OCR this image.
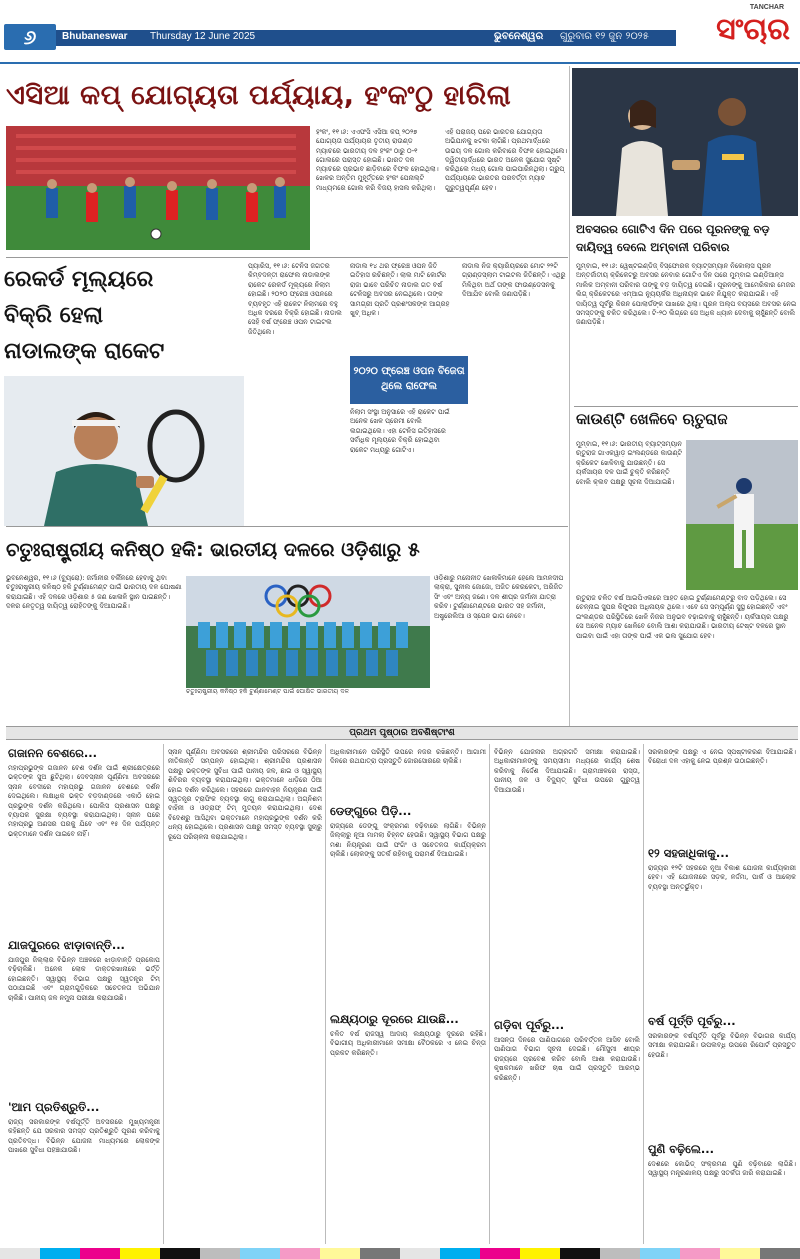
୬	Bhubaneswar Thursday 12 June 2025	ଭୁବନେଶ୍ୱର ଗୁରୁବାର ୧୨ ଜୁନ ୨୦୨୫
TANCHAR
ସଂଚାର
ଏସିଆ କପ୍ ଯୋଗ୍ୟତା ପର୍ଯ୍ୟାୟ, ହଂକଂଠୁ ହାରିଲା
ହଂକଂ, ୧୧।୬: ଏଏଫସି ଏସିଆ କପ୍ ୨୦୨୭ ଯୋଗ୍ୟତା ପର୍ଯ୍ୟାୟର ତୃତୀୟ ରାଉଣ୍ଡ ମ୍ୟାଚରେ ଭାରତୀୟ ଦଳ ହଂକଂ ଠାରୁ ୦-୧ ଗୋଲରେ ପରାସ୍ତ ହୋଇଛି। ଭାରତ ଦଳ ମ୍ୟାଚରେ ପ୍ରଭାବ ଛାଡ଼ିବାରେ ବିଫଳ ହୋଇଥିଲା। ଖେଳର ଅନ୍ତିମ ମୁହୂର୍ତ୍ତରେ ହଂକଂ ପେନାଲ୍ଟି ମାଧ୍ୟମରେ ଗୋଲ କରି ବିଜୟ ହାସଲ କରିଥିଲା। ଏହି ପରାଜୟ ପରେ ଭାରତର ଯୋଗ୍ୟତା ଅଭିଯାନକୁ ଝଟକା ଲାଗିଛି। ପ୍ରଥମାର୍ଦ୍ଧରେ ଉଭୟ ଦଳ ଗୋଲ କରିବାରେ ବିଫଳ ହୋଇଥିଲେ। ଦ୍ୱିତୀୟାର୍ଦ୍ଧରେ ଭାରତ ଅନେକ ସୁଯୋଗ ସୃଷ୍ଟି କରିଥିଲେ ମଧ୍ୟ ଗୋଲ ପାଇପାରିନଥିଲା। ଗ୍ରୁପ୍ ପର୍ଯ୍ୟାୟରେ ଭାରତର ପରବର୍ତ୍ତୀ ମ୍ୟାଚ ଗୁରୁତ୍ୱପୂର୍ଣ୍ଣ ହେବ।
ଅବସରର ଗୋଟିଏ ଦିନ ପରେ ପୂରନଙ୍କୁ ବଡ଼ ଦାୟିତ୍ୱ ଦେଲେ ଅମ୍ବାନୀ ପରିବାର
ମୁମ୍ବାଇ, ୧୧।୬: ୱେଷ୍ଟଇଣ୍ଡିଜ୍ ବିସ୍ଫୋରକ ବ୍ୟାଟ୍ସମ୍ୟାନ ନିକୋଲାସ ପୂରନ ଅନ୍ତର୍ଜାତୀୟ କ୍ରିକେଟରୁ ଅବସର ନେବାର ଗୋଟିଏ ଦିନ ପରେ ମୁମ୍ବାଇ ଇଣ୍ଡିଆନ୍ସ ମାଲିକ ଅମ୍ବାନୀ ପରିବାର ତାଙ୍କୁ ବଡ଼ ଦାୟିତ୍ୱ ଦେଇଛି। ପୂରନଙ୍କୁ ଆମେରିକାର ମେଜର ଲିଗ୍ କ୍ରିକେଟରେ ଏମ୍ଆଇ ନ୍ୟୁୟର୍କର ଅଧିନାୟକ ଭାବେ ନିଯୁକ୍ତ କରାଯାଇଛି। ଏହି ଦାୟିତ୍ୱ ପୂର୍ବରୁ କିରନ ପୋଲାର୍ଡଙ୍କ ପାଖରେ ଥିଲା। ପୂରନ ଅଲ୍ପ ବୟସରେ ଅବସର ନେଇ ସମସ୍ତଙ୍କୁ ଚକିତ କରିଥିଲେ। ଟି-୨୦ ଲିଗ୍‌ରେ ସେ ଅଧିକ ଧ୍ୟାନ ଦେବାକୁ ଚାହୁଁଛନ୍ତି ବୋଲି ଜଣାପଡ଼ିଛି।
କାଉଣ୍ଟି ଖେଳିବେ ଋତୁରାଜ
ମୁମ୍ବାଇ, ୧୧।୬: ଭାରତୀୟ ବ୍ୟାଟ୍ସମ୍ୟାନ ଋତୁରାଜ ଗାଏକୱାଡ଼ ଇଂଲଣ୍ଡରେ କାଉଣ୍ଟି କ୍ରିକେଟ ଖେଳିବାକୁ ଯାଉଛନ୍ତି। ସେ ୟର୍କସାୟର ଦଳ ପାଇଁ ଚୁକ୍ତି କରିଛନ୍ତି ବୋଲି କ୍ଲବ ପକ୍ଷରୁ ସୂଚନା ଦିଆଯାଇଛି।
ଋତୁରାଜ ଚଳିତ ବର୍ଷ ଆଇପିଏଲରେ ଆହତ ହୋଇ ଟୁର୍ଣ୍ଣାମେଣ୍ଟରୁ ବାଦ ପଡ଼ିଥିଲେ। ସେ ଚେନ୍ନାଇ ସୁପର କିଙ୍ଗ୍ସର ଅଧିନାୟକ ଥିଲେ। ଏବେ ସେ ସମ୍ପୂର୍ଣ୍ଣ ସୁସ୍ଥ ହୋଇଛନ୍ତି ଏବଂ ଇଂଲଣ୍ଡର ପରିସ୍ଥିତିରେ ଖେଳି ନିଜର ଅନୁଭବ ବଢ଼ାଇବାକୁ ଚାହୁଁଛନ୍ତି। ୟର୍କସାୟର ପକ୍ଷରୁ ସେ ଅନେକ ମ୍ୟାଚ ଖେଳିବେ ବୋଲି ଆଶା କରାଯାଉଛି। ଭାରତୀୟ ଟେଷ୍ଟ ଦଳରେ ସ୍ଥାନ ପାଇବା ପାଇଁ ଏହା ତାଙ୍କ ପାଇଁ ଏକ ଭଲ ସୁଯୋଗ ହେବ।
ରେକର୍ଡ ମୂଲ୍ୟରେ
ବିକ୍ରି ହେଲା
ନାଡାଲଙ୍କ ରାକେଟ
ପ୍ୟାରିସ, ୧୧।୬: ଟେନିସ ଜଗତର କିମ୍ବଦନ୍ତୀ ରାଫେଲ ନାଡାଲଙ୍କ ରାକେଟ ରେକର୍ଡ ମୂଲ୍ୟରେ ନିଲାମ ହୋଇଛି। ୨୦୨୦ ଫ୍ରେଞ୍ଚ ଓପନରେ ବ୍ୟବହୃତ ଏହି ରାକେଟ ନିଲାମରେ ବହୁ ଅଧିକ ଦରରେ ବିକ୍ରି ହୋଇଛି। ନାଡାଲ ସେହି ବର୍ଷ ଫ୍ରେଞ୍ଚ ଓପନ ଟାଇଟଲ ଜିତିଥିଲେ।
୨୦୨୦ ଫ୍ରେଞ୍ଚ ଓପନ ବିଜେତା ଥିଲେ ରାଫେଲ
ନାଡାଲ ୧୪ ଥର ଫ୍ରେଞ୍ଚ ଓପନ ଜିତି ଇତିହାସ ରଚିଛନ୍ତି। ଲାଲ ମାଟି କୋର୍ଟର ରାଜା ଭାବେ ପରିଚିତ ନାଡାଲ ଗତ ବର୍ଷ ଟେନିସରୁ ଅବସର ନେଇଥିଲେ। ତାଙ୍କ ସାମଗ୍ରୀ ପ୍ରତି ପ୍ରଶଂସକଙ୍କ ଆଗ୍ରହ ଖୁବ୍ ଅଧିକ।
ନିଲାମ ସଂସ୍ଥା ଅନୁସାରେ ଏହି ରାକେଟ ପାଇଁ ଅନେକ ଖେଳ ପ୍ରେମୀ ବୋଲି ଲଗାଇଥିଲେ। ଏହା ଟେନିସ ଇତିହାସରେ ସର୍ବାଧିକ ମୂଲ୍ୟରେ ବିକ୍ରି ହୋଇଥିବା ରାକେଟ ମଧ୍ୟରୁ ଗୋଟିଏ।
ନାଡାଲ ନିଜ କ୍ୟାରିୟରରେ ମୋଟ ୨୨ଟି ଗ୍ରାଣ୍ଡସ୍ଲାମ ଟାଇଟଲ ଜିତିଛନ୍ତି। ଏଥିରୁ ମିଳିଥିବା ଅର୍ଥ ତାଙ୍କ ଫାଉଣ୍ଡେସନକୁ ଦିଆଯିବ ବୋଲି ଜଣାପଡ଼ିଛି।
ଚତୁଃରାଷ୍ଟ୍ରୀୟ କନିଷ୍ଠ ହକି: ଭାରତୀୟ ଦଳରେ ଓଡ଼ିଶାରୁ ୫
ଭୁବନେଶ୍ୱର, ୧୧।୬ (ବ୍ୟୁରୋ): ଜର୍ମାନୀର ବର୍ଲିନରେ ହେବାକୁ ଥିବା ଚତୁଃରାଷ୍ଟ୍ରୀୟ କନିଷ୍ଠ ହକି ଟୁର୍ଣ୍ଣାମେଣ୍ଟ ପାଇଁ ଭାରତୀୟ ଦଳ ଘୋଷଣା କରାଯାଇଛି। ଏହି ଦଳରେ ଓଡ଼ିଶାର ୫ ଜଣ ଖେଳାଳି ସ୍ଥାନ ପାଇଛନ୍ତି। ଦଳର ନେତୃତ୍ୱ ଦାୟିତ୍ୱ ରୋହିତଙ୍କୁ ଦିଆଯାଇଛି।
ଚତୁଃରାଷ୍ଟ୍ରୀୟ କନିଷ୍ଠ ହକି ଟୁର୍ଣ୍ଣାମେଣ୍ଟ ପାଇଁ ଘୋଷିତ ଭାରତୀୟ ଦଳ
ଓଡ଼ିଶାରୁ ମନୋନୀତ ଖେଳାଳିମାନେ ହେଲେ ଆମନଦୀପ ଲାକ୍ରା, ସୁନୀଲ ଜୋଜୋ, ଅଜିତ କେରକେଟା, ଅରିଜିତ ସିଂ ଏବଂ ଅନ୍ୟ ଜଣେ। ଦଳ ଶୀଘ୍ର ଜର୍ମାନୀ ଯାତ୍ରା କରିବ। ଟୁର୍ଣ୍ଣାମେଣ୍ଟରେ ଭାରତ ସହ ଜର୍ମାନୀ, ଅଷ୍ଟ୍ରେଲିଆ ଓ ସ୍ପେନ ଭାଗ ନେବେ।
ପ୍ରଥମ ପୃଷ୍ଠାର ଅବଶିଷ୍ଟାଂଶ
ଗଜାନନ ବେଶରେ...
ମହାପ୍ରଭୁଙ୍କ ଗଜାନନ ବେଶ ଦର୍ଶନ ପାଇଁ ଶ୍ରୀକ୍ଷେତ୍ରରେ ଭକ୍ତଙ୍କ ସୁଅ ଛୁଟିଥିଲା। ଦେବସ୍ନାନ ପୂର୍ଣ୍ଣିମା ଅବସରରେ ସ୍ନାନ ବେଦୀରେ ମହାପ୍ରଭୁ ଗଜାନନ ବେଶରେ ଦର୍ଶନ ଦେଇଥିଲେ। ଲକ୍ଷାଧିକ ଭକ୍ତ ବଡ଼ଦାଣ୍ଡରେ ଏକାଠି ହୋଇ ପ୍ରଭୁଙ୍କ ଦର୍ଶନ କରିଥିଲେ। ପୋଲିସ ପ୍ରଶାସନ ପକ୍ଷରୁ ବ୍ୟାପକ ସୁରକ୍ଷା ବ୍ୟବସ୍ଥା କରାଯାଇଥିଲା। ସ୍ନାନ ପରେ ମହାପ୍ରଭୁ ଅଣସର ଘରକୁ ଯିବେ ଏବଂ ୧୫ ଦିନ ପର୍ଯ୍ୟନ୍ତ ଭକ୍ତମାନେ ଦର୍ଶନ ପାଇବେ ନାହିଁ।
ଯାଜପୁରରେ ଝାଡ଼ାବାନ୍ତି...
ଯାଜପୁର ଜିଲ୍ଲାର ବିଭିନ୍ନ ଅଞ୍ଚଳରେ ଝାଡ଼ାବାନ୍ତି ପ୍ରକୋପ ବଢ଼ିଚାଲିଛି। ଅନେକ ଲୋକ ଡାକ୍ତରଖାନାରେ ଭର୍ତ୍ତି ହୋଇଛନ୍ତି। ସ୍ୱାସ୍ଥ୍ୟ ବିଭାଗ ପକ୍ଷରୁ ସ୍ୱତନ୍ତ୍ର ଟିମ୍ ପଠାଯାଇଛି ଏବଂ ଗ୍ରାମଗୁଡ଼ିକରେ ସଚେତନତା ଅଭିଯାନ ଚାଲିଛି। ପାନୀୟ ଜଳ ନମୁନା ପରୀକ୍ଷା କରାଯାଉଛି।
'ଆମ ପ୍ରତିଶ୍ରୁତି...
ରାଜ୍ୟ ସରକାରଙ୍କ ବର୍ଷପୂର୍ତ୍ତି ଅବସରରେ ମୁଖ୍ୟମନ୍ତ୍ରୀ କହିଛନ୍ତି ଯେ ସରକାର ସମସ୍ତ ପ୍ରତିଶ୍ରୁତି ପୂରଣ କରିବାକୁ ପ୍ରତିବଦ୍ଧ। ବିଭିନ୍ନ ଯୋଜନା ମାଧ୍ୟମରେ ଲୋକଙ୍କ ପାଖରେ ସୁବିଧା ପହଞ୍ଚାଯାଉଛି।
ସ୍ନାନ ପୂର୍ଣ୍ଣିମା ଅବସରରେ ଶ୍ରୀମନ୍ଦିର ପରିସରରେ ବିଭିନ୍ନ ନୀତିକାନ୍ତି ସମ୍ପନ୍ନ ହୋଇଥିଲା। ଶ୍ରୀମନ୍ଦିର ପ୍ରଶାସନ ପକ୍ଷରୁ ଭକ୍ତଙ୍କ ସୁବିଧା ପାଇଁ ପାନୀୟ ଜଳ, ଛାଇ ଓ ସ୍ୱାସ୍ଥ୍ୟ ଶିବିରର ବ୍ୟବସ୍ଥା କରାଯାଇଥିଲା। ଭକ୍ତମାନେ ଧାଡ଼ିରେ ଠିଆ ହୋଇ ଦର୍ଶନ କରିଥିଲେ। ସହରରେ ଯାନବାହନ ନିୟନ୍ତ୍ରଣ ପାଇଁ ସ୍ୱତନ୍ତ୍ର ଟ୍ରାଫିକ ବ୍ୟବସ୍ଥା ଲାଗୁ କରାଯାଇଥିଲା। ଅଗ୍ନିଶମ ବାହିନୀ ଓ ଓଡ୍ରାଫ୍ ଟିମ୍ ମୁତୟନ କରାଯାଇଥିଲା। ଦେଶ ବିଦେଶରୁ ଆସିଥିବା ଭକ୍ତମାନେ ମହାପ୍ରଭୁଙ୍କ ଦର୍ଶନ କରି ଧନ୍ୟ ହୋଇଥିଲେ। ପ୍ରଶାସନ ପକ୍ଷରୁ ସମସ୍ତ ବ୍ୟବସ୍ଥା ସୁଚାରୁ ରୂପେ ପରିଚାଳନା କରାଯାଇଥିଲା।
ଅଧିକାରୀମାନେ ପରିସ୍ଥିତି ଉପରେ ନଜର ରଖିଛନ୍ତି। ଆଗାମୀ ଦିନରେ ରଥଯାତ୍ରା ପ୍ରସ୍ତୁତି ଜୋରସୋରରେ ଚାଲିଛି।
ଡେଙ୍ଗୁରେ ପିଡ଼ି...
ରାଜ୍ୟରେ ଡେଙ୍ଗୁ ସଂକ୍ରମଣ ବଢ଼ିବାରେ ଲାଗିଛି। ବିଭିନ୍ନ ଜିଲ୍ଲାରୁ ନୂଆ ମାମଲା ଚିହ୍ନଟ ହେଉଛି। ସ୍ୱାସ୍ଥ୍ୟ ବିଭାଗ ପକ୍ଷରୁ ମଶା ନିୟନ୍ତ୍ରଣ ପାଇଁ ଫଗିଂ ଓ ସଚେତନତା କାର୍ଯ୍ୟକ୍ରମ ଚାଲିଛି। ଲୋକଙ୍କୁ ସତର୍କ ରହିବାକୁ ପରାମର୍ଶ ଦିଆଯାଇଛି।
ଲକ୍ଷ୍ୟଠାରୁ ଦୂରରେ ଯାଉଛି...
ଚଳିତ ବର୍ଷ ରାଜସ୍ୱ ଆଦାୟ ଲକ୍ଷ୍ୟଠାରୁ ଦୂରରେ ରହିଛି। ବିଭାଗୀୟ ଅଧିକାରୀମାନେ ସମୀକ୍ଷା ବୈଠକରେ ଏ ନେଇ ଚିନ୍ତା ପ୍ରକଟ କରିଛନ୍ତି।
ବିଭିନ୍ନ ଯୋଜନାର ଅଗ୍ରଗତି ସମୀକ୍ଷା କରାଯାଇଛି। ଅଧିକାରୀମାନଙ୍କୁ ସମୟସୀମା ମଧ୍ୟରେ କାର୍ଯ୍ୟ ଶେଷ କରିବାକୁ ନିର୍ଦ୍ଦେଶ ଦିଆଯାଇଛି। ଗ୍ରାମାଞ୍ଚଳରେ ରାସ୍ତା, ପାନୀୟ ଜଳ ଓ ବିଦ୍ୟୁତ୍ ସୁବିଧା ଉପରେ ଗୁରୁତ୍ୱ ଦିଆଯାଉଛି।
ଗଡ଼ିବା ପୂର୍ବରୁ...
ଆସନ୍ତା ଦିନରେ ପାଣିପାଗରେ ପରିବର୍ତ୍ତନ ଆସିବ ବୋଲି ପାଣିପାଗ ବିଭାଗ ସୂଚନା ଦେଇଛି। ମୌସୁମୀ ଶୀଘ୍ର ରାଜ୍ୟରେ ପ୍ରବେଶ କରିବ ବୋଲି ଆଶା କରାଯାଉଛି। କୃଷକମାନେ ଖରିଫ ଚାଷ ପାଇଁ ପ୍ରସ୍ତୁତି ଆରମ୍ଭ କରିଛନ୍ତି।
ସରକାରଙ୍କ ପକ୍ଷରୁ ଏ ନେଇ ସ୍ପଷ୍ଟୀକରଣ ଦିଆଯାଇଛି। ବିରୋଧୀ ଦଳ ଏହାକୁ ନେଇ ପ୍ରଶ୍ନ ଉଠାଇଛନ୍ତି।
୧୨ ସହଜାଧିକାକୁ...
ରାଜ୍ୟର ୧୨ଟି ସହରରେ ନୂଆ ବିକାଶ ଯୋଜନା କାର୍ଯ୍ୟକାରୀ ହେବ। ଏହି ଯୋଜନାରେ ସଡ଼କ, ନର୍ଦ୍ଦମା, ପାର୍କ ଓ ଆଲୋକ ବ୍ୟବସ୍ଥା ଅନ୍ତର୍ଭୁକ୍ତ।
ବର୍ଷ ପୂର୍ତ୍ତି ପୂର୍ବରୁ...
ସରକାରଙ୍କ ବର୍ଷପୂର୍ତ୍ତି ପୂର୍ବରୁ ବିଭିନ୍ନ ବିଭାଗର କାର୍ଯ୍ୟ ସମୀକ୍ଷା କରାଯାଇଛି। ଉପଲବ୍ଧି ଉପରେ ରିପୋର୍ଟ ପ୍ରସ୍ତୁତ ହେଉଛି।
ପୁଣି ବଢ଼ିଲେ...
ଦେଶରେ କୋଭିଡ୍ ସଂକ୍ରମଣ ପୁଣି ବଢ଼ିବାରେ ଲାଗିଛି। ସ୍ୱାସ୍ଥ୍ୟ ମନ୍ତ୍ରଣାଳୟ ପକ୍ଷରୁ ସତର୍କତା ଜାରି କରାଯାଇଛି।
